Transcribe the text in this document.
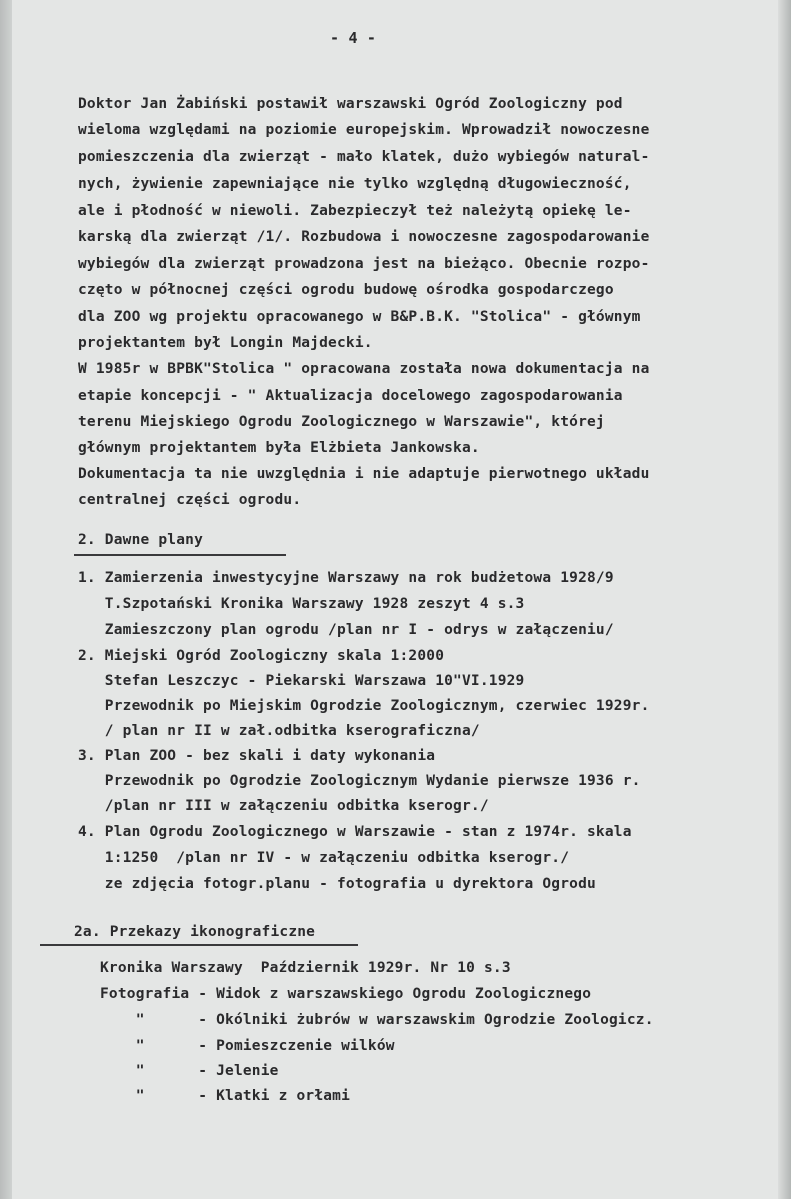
- 4 -
Doktor Jan Żabiński postawił warszawski Ogród Zoologiczny pod
wieloma względami na poziomie europejskim. Wprowadził nowoczesne
pomieszczenia dla zwierząt - mało klatek, dużo wybiegów natural-
nych, żywienie zapewniające nie tylko względną długowieczność,
ale i płodność w niewoli. Zabezpieczył też należytą opiekę le-
karską dla zwierząt /1/. Rozbudowa i nowoczesne zagospodarowanie
wybiegów dla zwierząt prowadzona jest na bieżąco. Obecnie rozpo-
częto w północnej części ogrodu budowę ośrodka gospodarczego
dla ZOO wg projektu opracowanego w B&P.B.K. "Stolica" - głównym
projektantem był Longin Majdecki.
W 1985r w BPBK"Stolica " opracowana została nowa dokumentacja na
etapie koncepcji - " Aktualizacja docelowego zagospodarowania
terenu Miejskiego Ogrodu Zoologicznego w Warszawie", której
głównym projektantem była Elżbieta Jankowska.
Dokumentacja ta nie uwzględnia i nie adaptuje pierwotnego układu
centralnej części ogrodu.
2. Dawne plany
1. Zamierzenia inwestycyjne Warszawy na rok budżetowa 1928/9
T.Szpotański Kronika Warszawy 1928 zeszyt 4 s.3
Zamieszczony plan ogrodu /plan nr I - odrys w załączeniu/
2. Miejski Ogród Zoologiczny skala 1:2000
Stefan Leszczyc - Piekarski Warszawa 10"VI.1929
Przewodnik po Miejskim Ogrodzie Zoologicznym, czerwiec 1929r.
/ plan nr II w zał.odbitka kserograficzna/
3. Plan ZOO - bez skali i daty wykonania
Przewodnik po Ogrodzie Zoologicznym Wydanie pierwsze 1936 r.
/plan nr III w załączeniu odbitka kserogr./
4. Plan Ogrodu Zoologicznego w Warszawie - stan z 1974r. skala
1:1250  /plan nr IV - w załączeniu odbitka kserogr./
ze zdjęcia fotogr.planu - fotografia u dyrektora Ogrodu
2a. Przekazy ikonograficzne
Kronika Warszawy  Październik 1929r. Nr 10 s.3
Fotografia - Widok z warszawskiego Ogrodu Zoologicznego
"      - Okólniki żubrów w warszawskim Ogrodzie Zoologicz.
"      - Pomieszczenie wilków
"      - Jelenie
"      - Klatki z orłami
